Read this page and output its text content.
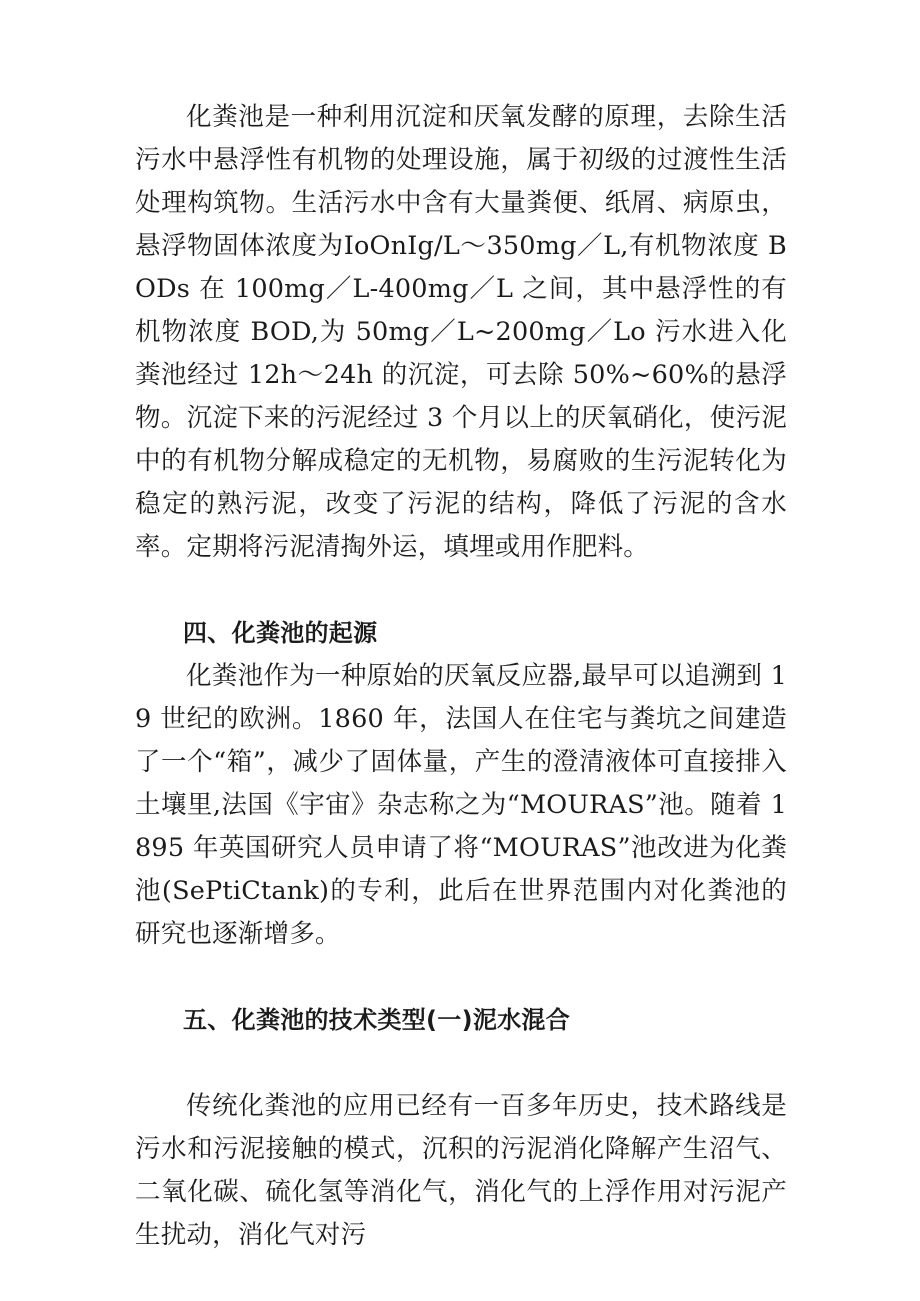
化粪池是一种利用沉淀和厌氧发酵的原理，去除生活污水中悬浮性有机物的处理设施，属于初级的过渡性生活处理构筑物。生活污水中含有大量粪便、纸屑、病原虫，悬浮物固体浓度为IoOnIg/L～350mg／L,有机物浓度 BODs 在 100mg／L-400mg／L 之间，其中悬浮性的有机物浓度 BOD,为 50mg／L~200mg／Lo 污水进入化粪池经过 12h～24h 的沉淀，可去除 50%~60%的悬浮物。沉淀下来的污泥经过 3 个月以上的厌氧硝化，使污泥中的有机物分解成稳定的无机物，易腐败的生污泥转化为稳定的熟污泥，改变了污泥的结构，降低了污泥的含水率。定期将污泥清掏外运，填埋或用作肥料。

四、化粪池的起源

化粪池作为一种原始的厌氧反应器,最早可以追溯到 19 世纪的欧洲。1860 年，法国人在住宅与粪坑之间建造了一个“箱”，减少了固体量，产生的澄清液体可直接排入土壤里,法国《宇宙》杂志称之为“MOURAS”池。随着 1895 年英国研究人员申请了将“MOURAS”池改进为化粪池(SePtiCtank)的专利，此后在世界范围内对化粪池的研究也逐渐增多。

五、化粪池的技术类型(一)泥水混合

传统化粪池的应用已经有一百多年历史，技术路线是污水和污泥接触的模式，沉积的污泥消化降解产生沼气、二氧化碳、硫化氢等消化气，消化气的上浮作用对污泥产生扰动，消化气对污
